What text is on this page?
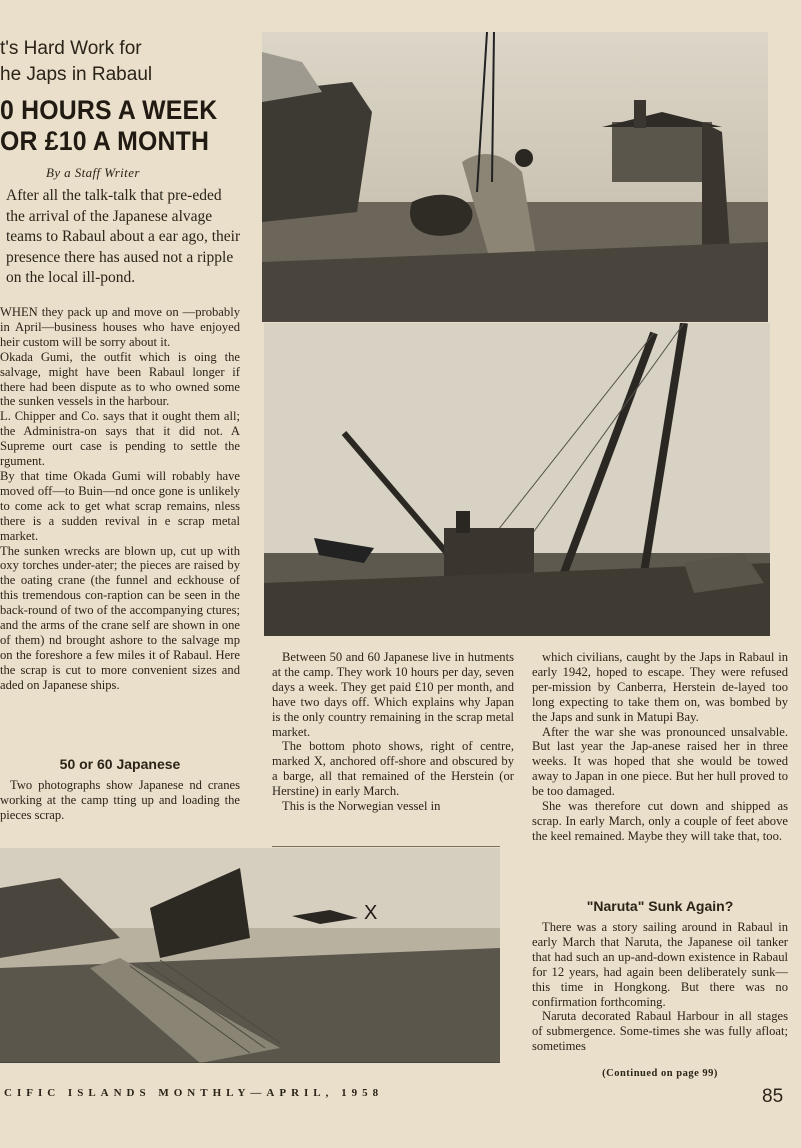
t's Hard Work for
he Japs in Rabaul
0 HOURS A WEEK
OR £10 A MONTH
By a Staff Writer
After all the talk-talk that pre-eded the arrival of the Japanese alvage teams to Rabaul about a ear ago, their presence there has aused not a ripple on the local ill-pond.

WHEN they pack up and move on —probably in April—business houses who have enjoyed heir custom will be sorry about it.

Okada Gumi, the outfit which is oing the salvage, might have been Rabaul longer if there had been dispute as to who owned some the sunken vessels in the harbour.

L. Chipper and Co. says that it ought them all; the Administra-on says that it did not. A Supreme ourt case is pending to settle the rgument.

By that time Okada Gumi will robably have moved off—to Buin—nd once gone is unlikely to come ack to get what scrap remains, nless there is a sudden revival in e scrap metal market.

The sunken wrecks are blown up, cut up with oxy torches under-ater; the pieces are raised by the oating crane (the funnel and eckhouse of this tremendous con-raption can be seen in the back-round of two of the accompanying ctures; and the arms of the crane self are shown in one of them) nd brought ashore to the salvage mp on the foreshore a few miles it of Rabaul. Here the scrap is cut to more convenient sizes and aded on Japanese ships.

50 or 60 Japanese

Two photographs show Japanese nd cranes working at the camp tting up and loading the pieces scrap.

Between 50 and 60 Japanese live in hutments at the camp. They work 10 hours per day, seven days a week. They get paid £10 per month, and have two days off. Which explains why Japan is the only country remaining in the scrap metal market.

The bottom photo shows, right of centre, marked X, anchored off-shore and obscured by a barge, all that remained of the Herstein (or Herstine) in early March.

This is the Norwegian vessel in

which civilians, caught by the Japs in Rabaul in early 1942, hoped to escape. They were refused per-mission by Canberra, Herstein de-layed too long expecting to take them on, was bombed by the Japs and sunk in Matupi Bay.

After the war she was pronounced unsalvable. But last year the Jap-anese raised her in three weeks. It was hoped that she would be towed away to Japan in one piece. But her hull proved to be too damaged.

She was therefore cut down and shipped as scrap. In early March, only a couple of feet above the keel remained. Maybe they will take that, too.

X	"Naruta" Sunk Again?

There was a story sailing around in Rabaul in early March that Naruta, the Japanese oil tanker that had such an up-and-down existence in Rabaul for 12 years, had again been deliberately sunk—this time in Hongkong. But there was no confirmation forthcoming.

Naruta decorated Rabaul Harbour in all stages of submergence. Some-times she was fully afloat; sometimes

(Continued on page 99)
CIFIC ISLANDS MONTHLY—APRIL, 1958	85
